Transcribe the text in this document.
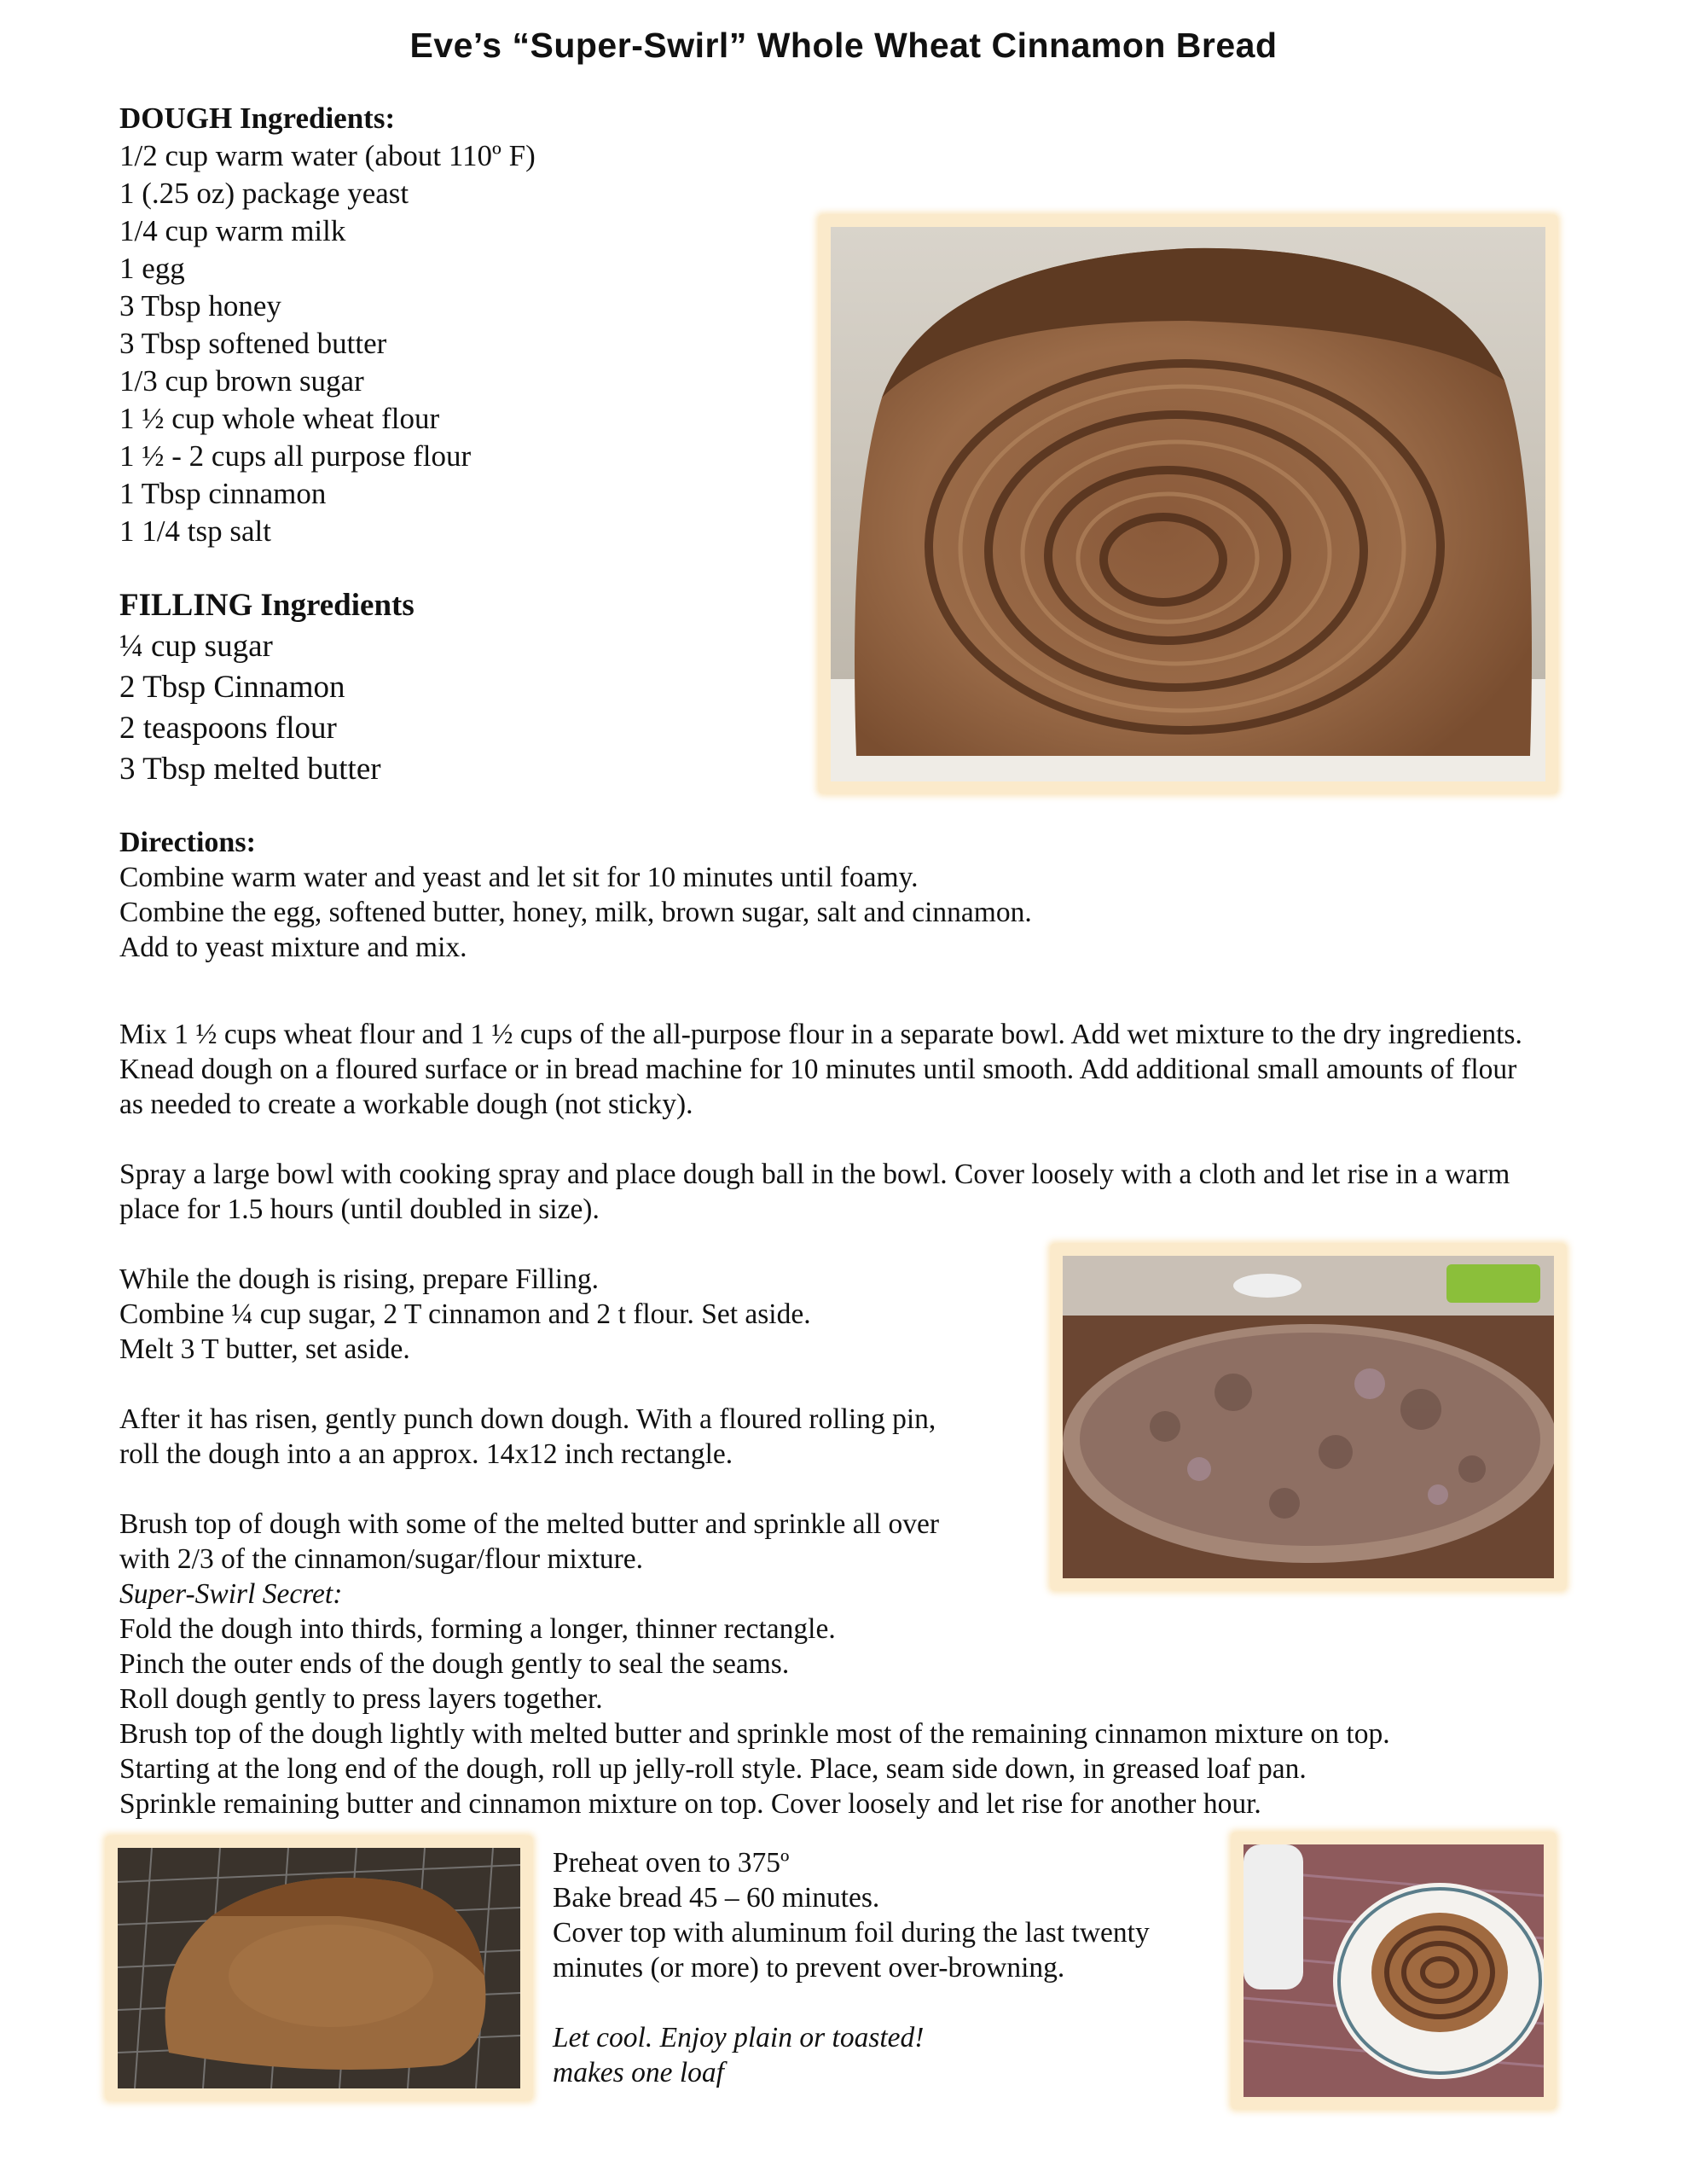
Eve’s “Super-Swirl” Whole Wheat Cinnamon Bread
DOUGH Ingredients:
1/2 cup warm water (about 110º F)
1 (.25 oz) package yeast
1/4 cup warm milk
1 egg
3 Tbsp honey
3 Tbsp softened butter
1/3 cup brown sugar
1 ½ cup whole wheat flour
1 ½ - 2 cups all purpose flour
1 Tbsp cinnamon
1 1/4 tsp salt
FILLING Ingredients
¼ cup sugar
2 Tbsp Cinnamon
2 teaspoons flour
3 Tbsp melted butter
Directions:
Combine warm water and yeast and let sit for 10 minutes until foamy.
Combine the egg, softened butter, honey, milk, brown sugar, salt and cinnamon.
Add to yeast mixture and mix.
Mix 1 ½ cups wheat flour and 1 ½ cups of the all-purpose flour in a separate bowl. Add wet mixture to the dry ingredients.
Knead dough on a floured surface or in bread machine for 10 minutes until smooth. Add additional small amounts of flour
as needed to create a workable dough (not sticky).
Spray a large bowl with cooking spray and place dough ball in the bowl. Cover loosely with a cloth and let rise in a warm
place for 1.5 hours (until doubled in size).
While the dough is rising, prepare Filling.
Combine ¼ cup sugar, 2 T cinnamon and 2 t flour. Set aside.
Melt 3 T butter, set aside.
After it has risen, gently punch down dough. With a floured rolling pin,
roll the dough into a an approx. 14x12 inch rectangle.
Brush top of dough with some of the melted butter and sprinkle all over
with 2/3 of the cinnamon/sugar/flour mixture.
Super-Swirl Secret:
Fold the dough into thirds, forming a longer, thinner rectangle.
Pinch the outer ends of the dough gently to seal the seams.
Roll dough gently to press layers together.
Brush top of the dough lightly with melted butter and sprinkle most of the remaining cinnamon mixture on top.
Starting at the long end of the dough, roll up jelly-roll style. Place, seam side down, in greased loaf pan.
Sprinkle remaining butter and cinnamon mixture on top. Cover loosely and let rise for another hour.
Preheat oven to 375º
Bake bread 45 – 60 minutes.
Cover top with aluminum foil during the last twenty
minutes (or more) to prevent over-browning.
Let cool. Enjoy plain or toasted!
makes one loaf
